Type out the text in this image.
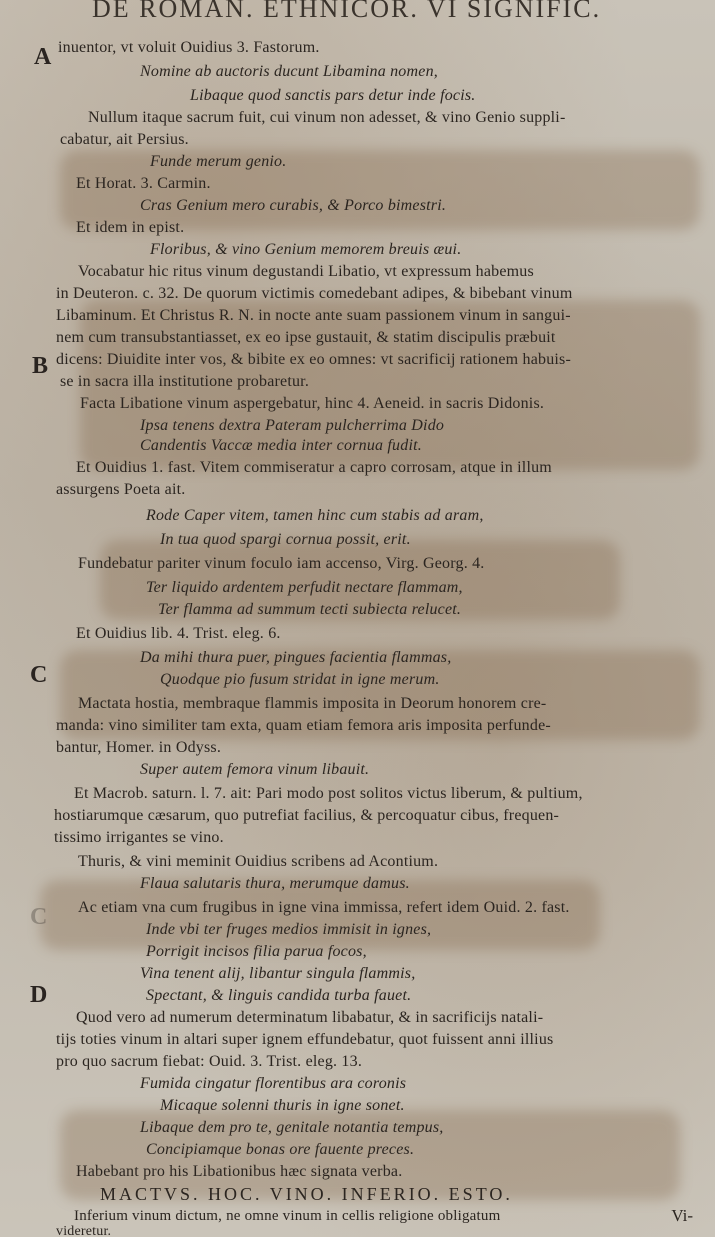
DE ROMAN. ETHNICOR. VI SIGNIFIC.
A
B
C
C
D
inuentor, vt voluit Ouidius 3. Fastorum.
Nomine ab auctoris ducunt Libamina nomen,
Libaque quod sanctis pars detur inde focis.
Nullum itaque sacrum fuit, cui vinum non adesset, & vino Genio suppli-
cabatur, ait Persius.
Funde merum genio.
Et Horat. 3. Carmin.
Cras Genium mero curabis, & Porco bimestri.
Et idem in epist.
Floribus, & vino Genium memorem breuis æui.
Vocabatur hic ritus vinum degustandi Libatio, vt expressum habemus
in Deuteron. c. 32. De quorum victimis comedebant adipes, & bibebant vinum
Libaminum. Et Christus R. N. in nocte ante suam passionem vinum in sangui-
nem cum transubstantiasset, ex eo ipse gustauit, & statim discipulis præbuit
dicens: Diuidite inter vos, & bibite ex eo omnes: vt sacrificij rationem habuis-
se in sacra illa institutione probaretur.
Facta Libatione vinum aspergebatur, hinc 4. Aeneid. in sacris Didonis.
Ipsa tenens dextra Pateram pulcherrima Dido
Candentis Vaccæ media inter cornua fudit.
Et Ouidius 1. fast. Vitem commiseratur a capro corrosam, atque in illum
assurgens Poeta ait.
Rode Caper vitem, tamen hinc cum stabis ad aram,
In tua quod spargi cornua possit, erit.
Fundebatur pariter vinum foculo iam accenso, Virg. Georg. 4.
Ter liquido ardentem perfudit nectare flammam,
Ter flamma ad summum tecti subiecta relucet.
Et Ouidius lib. 4. Trist. eleg. 6.
Da mihi thura puer, pingues facientia flammas,
Quodque pio fusum stridat in igne merum.
Mactata hostia, membraque flammis imposita in Deorum honorem cre-
manda: vino similiter tam exta, quam etiam femora aris imposita perfunde-
bantur, Homer. in Odyss.
Super autem femora vinum libauit.
Et Macrob. saturn. l. 7. ait: Pari modo post solitos victus liberum, & pultium,
hostiarumque cæsarum, quo putrefiat facilius, & percoquatur cibus, frequen-
tissimo irrigantes se vino.
Thuris, & vini meminit Ouidius scribens ad Acontium.
Flaua salutaris thura, merumque damus.
Ac etiam vna cum frugibus in igne vina immissa, refert idem Ouid. 2. fast.
Inde vbi ter fruges medios immisit in ignes,
Porrigit incisos filia parua focos,
Vina tenent alij, libantur singula flammis,
Spectant, & linguis candida turba fauet.
Quod vero ad numerum determinatum libabatur, & in sacrificijs natali-
tijs toties vinum in altari super ignem effundebatur, quot fuissent anni illius
pro quo sacrum fiebat: Ouid. 3. Trist. eleg. 13.
Fumida cingatur florentibus ara coronis
Micaque solenni thuris in igne sonet.
Libaque dem pro te, genitale notantia tempus,
Concipiamque bonas ore fauente preces.
Habebant pro his Libationibus hæc signata verba.
MACTVS. HOC. VINO. INFERIO. ESTO.
Inferium vinum dictum, ne omne vinum in cellis religione obligatum
videretur.
Vi-
